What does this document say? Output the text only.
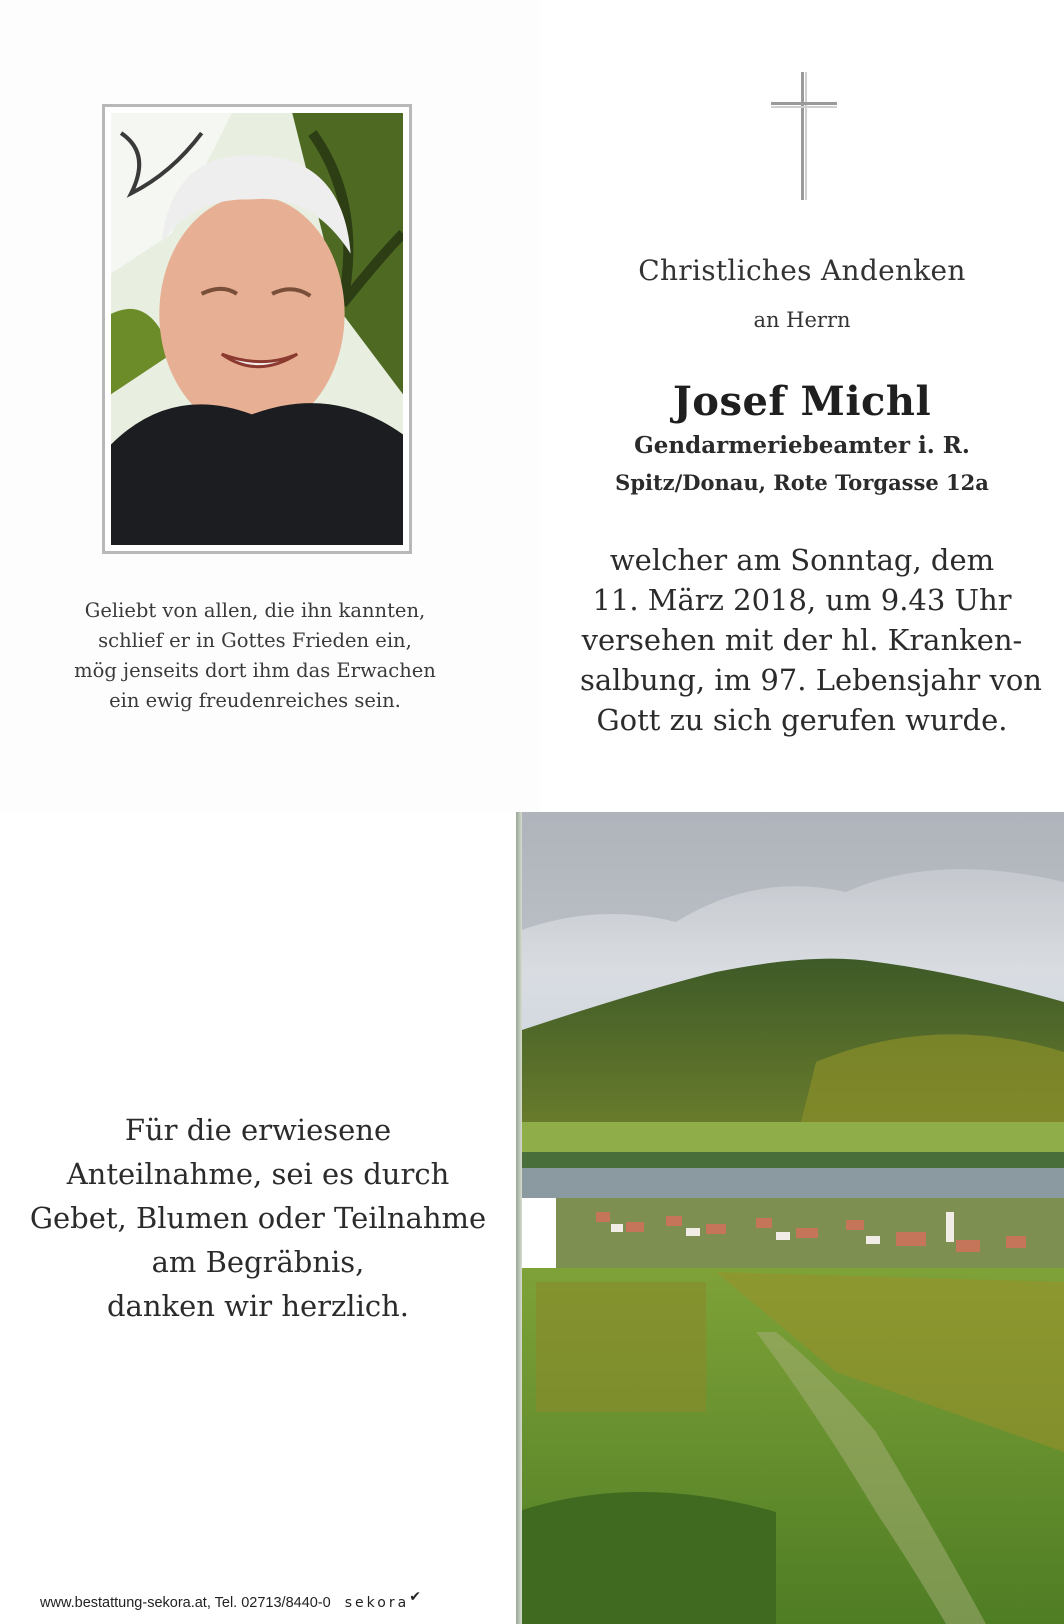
Geliebt von allen, die ihn kannten,
schlief er in Gottes Frieden ein,
mög jenseits dort ihm das Erwachen
ein ewig freudenreiches sein.
Christliches Andenken
an Herrn
Josef Michl
Gendarmeriebeamter i. R.
Spitz/Donau, Rote Torgasse 12a
welcher am Sonntag, dem
11. März 2018, um 9.43 Uhr
versehen mit der hl. Kranken-
salbung, im 97. Lebensjahr von
Gott zu sich gerufen wurde.
Für die erwiesene
Anteilnahme, sei es durch
Gebet, Blumen oder Teilnahme
am Begräbnis,
danken wir herzlich.
www.bestattung-sekora.at, Tel. 02713/8440-0 sekora✔
